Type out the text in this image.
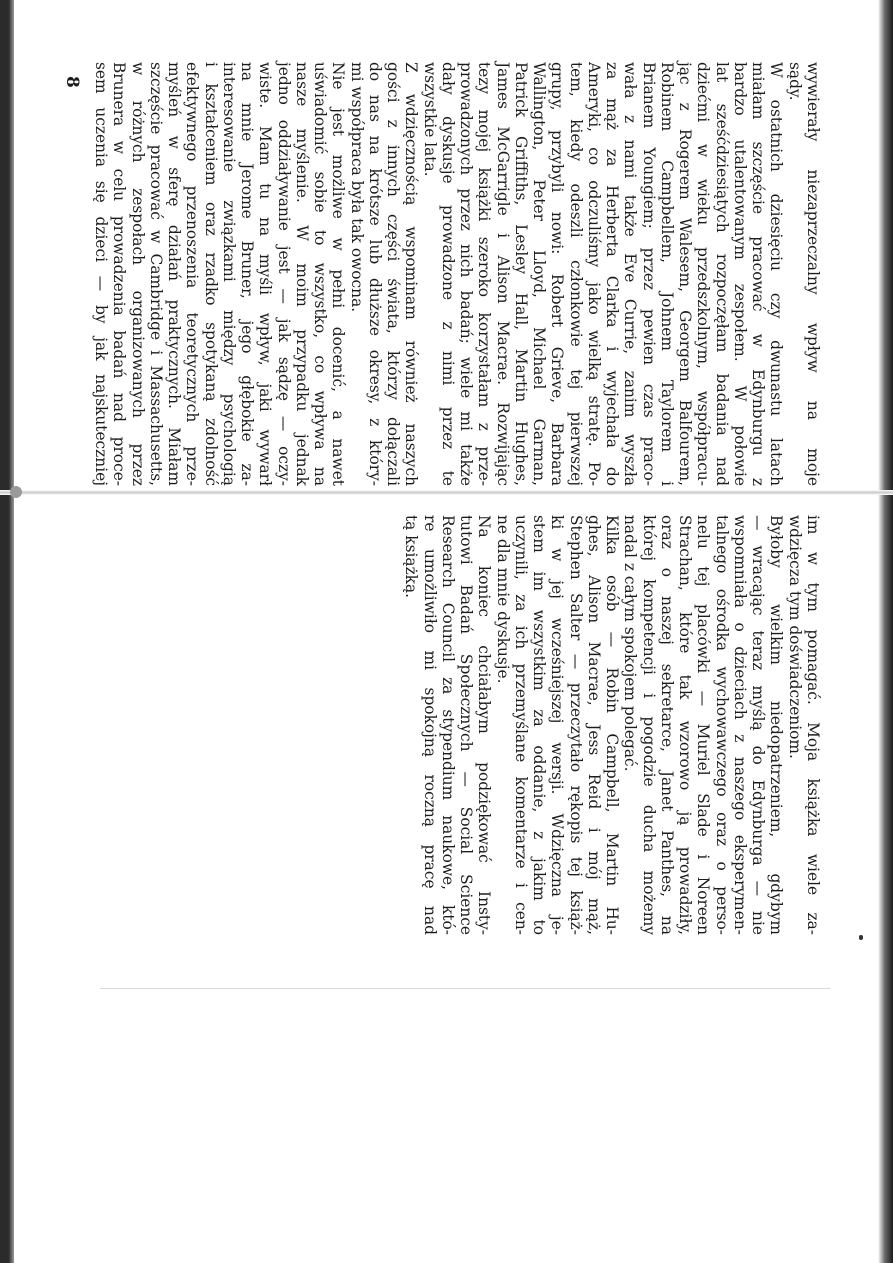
wywierały niezaprzeczalny wpływ na moje

sądy.

W ostatnich dziesięciu czy dwunastu latach

miałam szczęście pracować w Edynburgu z

bardzo utalentowanym zespołem. W połowie

lat sześćdziesiątych rozpoczęłam badania nad

dziećmi w wieku przedszkolnym, współpracu-

jąc z Rogerem Walesem, Georgem Balfourem,

Robinem Campbellem, Johnem Taylorem i

Brianem Youngiem; przez pewien czas praco-

wała z nami także Eve Currie, zanim wyszła

za mąż za Herberta Clarka i wyjechała do

Ameryki, co odczuliśmy jako wielką stratę. Po-

tem, kiedy odeszli członkowie tej pierwszej

grupy, przybyli nowi: Robert Grieve, Barbara

Wallington, Peter Lloyd, Michael Garman,

Patrick Griffiths, Lesley Hall, Martin Hughes,

James McGarrigle i Alison Macrae. Rozwijając

tezy mojej książki szeroko korzystałam z prze-

prowadzonych przez nich badań; wiele mi także

dały dyskusje prowadzone z nimi przez te

wszystkie lata.

Z wdzięcznością wspominam również naszych

gości z innych części świata, którzy dołączali

do nas na krótsze lub dłuższe okresy, z który-

mi współpraca była tak owocna.

Nie jest możliwe w pełni docenić, a nawet

uświadomić sobie to wszystko, co wpływa na

nasze myślenie. W moim przypadku jednak

jedno oddziaływanie jest — jak sądzę — oczy-

wiste. Mam tu na myśli wpływ, jaki wywarł

na mnie Jerome Bruner, jego głębokie za-

interesowanie związkami między psychologią

i kształceniem oraz rzadko spotykaną zdolność

efektywnego przenoszenia teoretycznych prze-

myśleń w sferę działań praktycznych. Miałam

szczęście pracować w Cambridge i Massachusetts,

w różnych zespołach organizowanych przez

Brunera w celu prowadzenia badań nad proce-

sem uczenia się dzieci — by jak najskuteczniej

im w tym pomagać. Moja książka wiele za-

wdzięcza tym doświadczeniom.

Byłoby wielkim niedopatrzeniem, gdybym

— wracając teraz myślą do Edynburga — nie

wspomniała o dzieciach z naszego eksperymen-

talnego ośrodka wychowawczego oraz o perso-

nelu tej placówki — Muriel Slade i Noreen

Strachan, które tak wzorowo ją prowadziły,

oraz o naszej sekretarce, Janet Panthes, na

której kompetencji i pogodzie ducha możemy

nadal z całym spokojem polegać.

Kilka osób — Robin Campbell, Martin Hu-

ghes, Alison Macrae, Jess Reid i mój mąż,

Stephen Salter — przeczytało rękopis tej książ-

ki w jej wcześniejszej wersji. Wdzięczna je-

stem im wszystkim za oddanie, z jakim to

uczynili, za ich przemyślane komentarze i cen-

ne dla mnie dyskusje.

Na koniec chciałabym podziękować Insty-

tutowi Badań Społecznych — Social Science

Research Council za stypendium naukowe, któ-

re umożliwiło mi spokojną roczną pracę nad

tą książką.

8
